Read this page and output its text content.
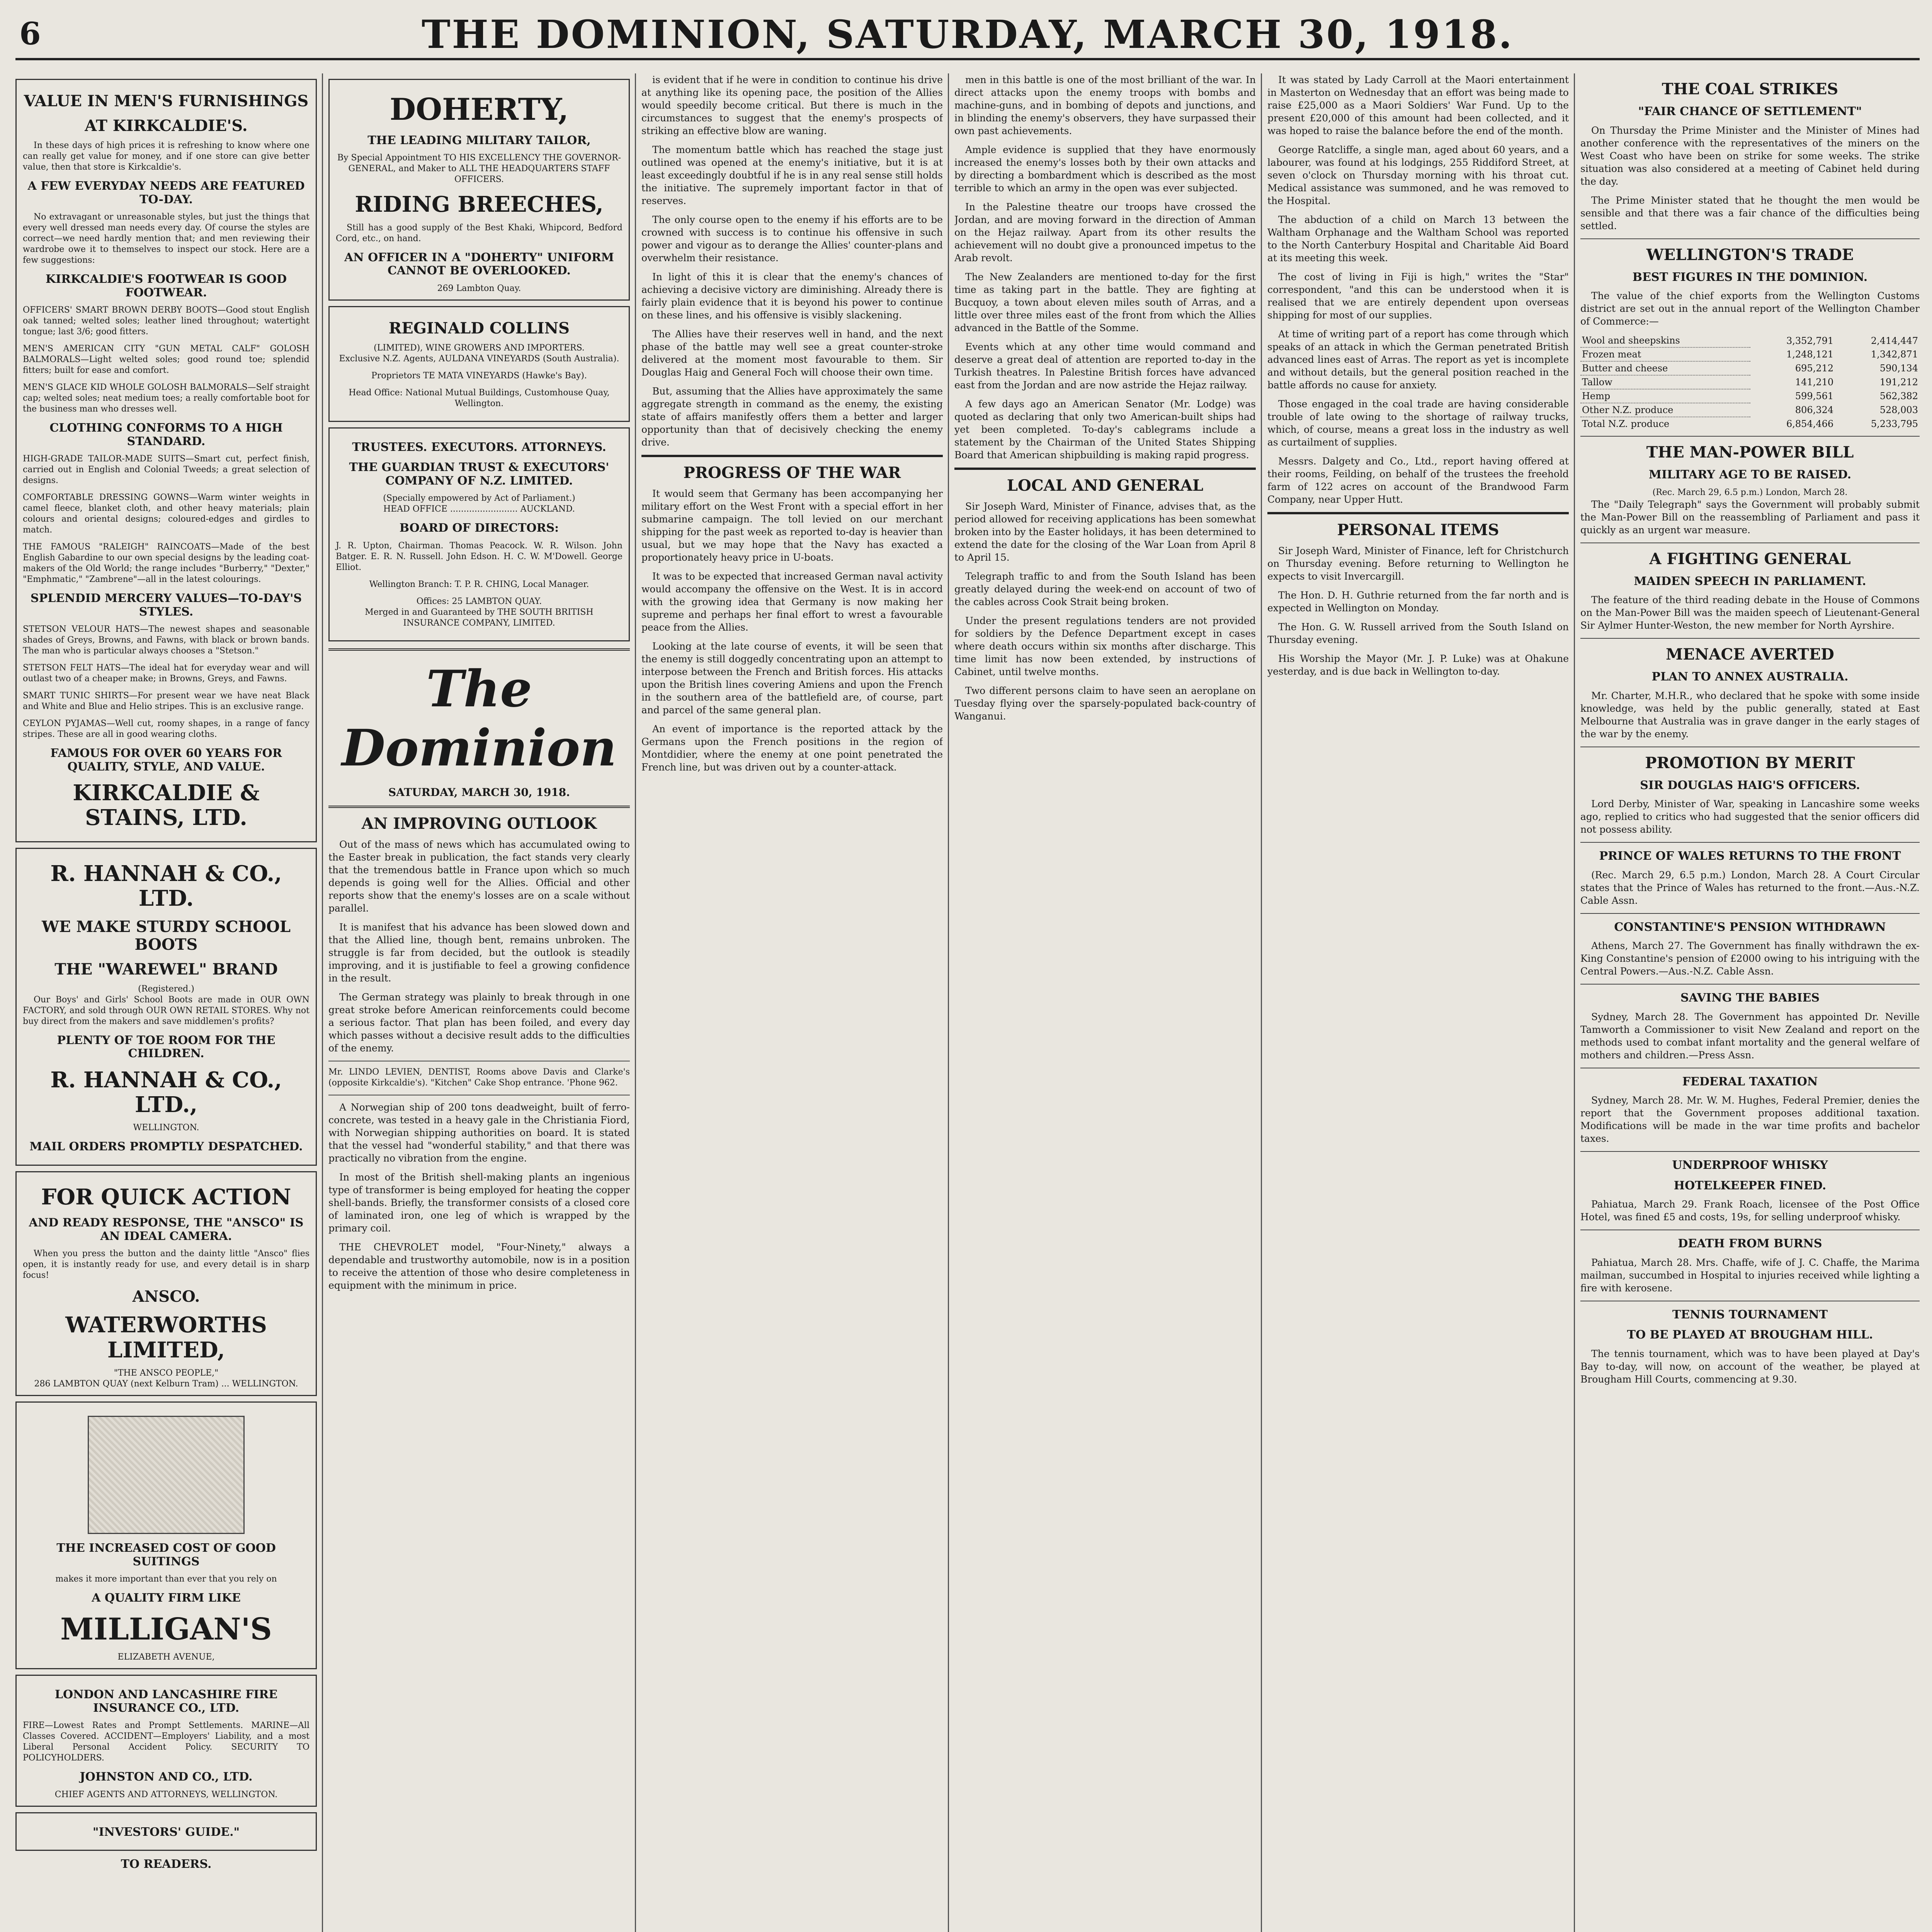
6	THE DOMINION, SATURDAY, MARCH 30, 1918.
VALUE IN MEN'S FURNISHINGS
AT KIRKCALDIE'S.

In these days of high prices it is refreshing to know where one can really get value for money, and if one store can give better value, then that store is Kirkcaldie's.

A FEW EVERYDAY NEEDS ARE FEATURED TO-DAY.

No extravagant or unreasonable styles, but just the things that every well dressed man needs every day. Of course the styles are correct—we need hardly mention that; and men reviewing their wardrobe owe it to themselves to inspect our stock. Here are a few suggestions:

KIRKCALDIE'S FOOTWEAR IS GOOD FOOTWEAR.

OFFICERS' SMART BROWN DERBY BOOTS—Good stout English oak tanned; welted soles; leather lined throughout; watertight tongue; last 3/6; good fitters.

MEN'S AMERICAN CITY "GUN METAL CALF" GOLOSH BALMORALS—Light welted soles; good round toe; splendid fitters; built for ease and comfort.

MEN'S GLACE KID WHOLE GOLOSH BALMORALS—Self straight cap; welted soles; neat medium toes; a really comfortable boot for the business man who dresses well.

CLOTHING CONFORMS TO A HIGH STANDARD.

HIGH-GRADE TAILOR-MADE SUITS—Smart cut, perfect finish, carried out in English and Colonial Tweeds; a great selection of designs.

COMFORTABLE DRESSING GOWNS—Warm winter weights in camel fleece, blanket cloth, and other heavy materials; plain colours and oriental designs; coloured-edges and girdles to match.

THE FAMOUS "RALEIGH" RAINCOATS—Made of the best English Gabardine to our own special designs by the leading coat-makers of the Old World; the range includes "Burberry," "Dexter," "Emphmatic," "Zambrene"—all in the latest colourings.

SPLENDID MERCERY VALUES—TO-DAY'S STYLES.

STETSON VELOUR HATS—The newest shapes and seasonable shades of Greys, Browns, and Fawns, with black or brown bands. The man who is particular always chooses a "Stetson."

STETSON FELT HATS—The ideal hat for everyday wear and will outlast two of a cheaper make; in Browns, Greys, and Fawns.

SMART TUNIC SHIRTS—For present wear we have neat Black and White and Blue and Helio stripes. This is an exclusive range.

CEYLON PYJAMAS—Well cut, roomy shapes, in a range of fancy stripes. These are all in good wearing cloths.

FAMOUS FOR OVER 60 YEARS FOR QUALITY, STYLE, AND VALUE.
KIRKCALDIE & STAINS, LTD.
R. HANNAH & CO., LTD.
WE MAKE STURDY SCHOOL BOOTS
THE "WAREWEL" BRAND
(Registered.)

Our Boys' and Girls' School Boots are made in OUR OWN FACTORY, and sold through OUR OWN RETAIL STORES. Why not buy direct from the makers and save middlemen's profits?

PLENTY OF TOE ROOM FOR THE CHILDREN.
R. HANNAH & CO., LTD.,
WELLINGTON.
MAIL ORDERS PROMPTLY DESPATCHED.
FOR QUICK ACTION
AND READY RESPONSE, THE "ANSCO" IS AN IDEAL CAMERA.

When you press the button and the dainty little "Ansco" flies open, it is instantly ready for use, and every detail is in sharp focus!

ANSCO.
WATERWORTHS LIMITED,
"THE ANSCO PEOPLE,"
286 LAMBTON QUAY (next Kelburn Tram) ... WELLINGTON.
THE INCREASED COST OF GOOD SUITINGS
makes it more important than ever that you rely on
A QUALITY FIRM LIKE
MILLIGAN'S
ELIZABETH AVENUE,
LONDON AND LANCASHIRE FIRE INSURANCE CO., LTD.

FIRE—Lowest Rates and Prompt Settlements. MARINE—All Classes Covered. ACCIDENT—Employers' Liability, and a most Liberal Personal Accident Policy. SECURITY TO POLICYHOLDERS.

JOHNSTON AND CO., LTD.
CHIEF AGENTS AND ATTORNEYS, WELLINGTON.
"INVESTORS' GUIDE."
TO READERS.
DOHERTY,
THE LEADING MILITARY TAILOR,

By Special Appointment TO HIS EXCELLENCY THE GOVERNOR-GENERAL, and Maker to ALL THE HEADQUARTERS STAFF OFFICERS.

RIDING BREECHES,

Still has a good supply of the Best Khaki, Whipcord, Bedford Cord, etc., on hand.

AN OFFICER IN A "DOHERTY" UNIFORM CANNOT BE OVERLOOKED.
269 Lambton Quay.
REGINALD COLLINS
(LIMITED), WINE GROWERS AND IMPORTERS.

Exclusive N.Z. Agents, AULDANA VINEYARDS (South Australia).

Proprietors TE MATA VINEYARDS (Hawke's Bay).

Head Office: National Mutual Buildings, Customhouse Quay, Wellington.

TRUSTEES. EXECUTORS. ATTORNEYS.
THE GUARDIAN TRUST & EXECUTORS' COMPANY OF N.Z. LIMITED.
(Specially empowered by Act of Parliament.)
HEAD OFFICE ......................... AUCKLAND.
BOARD OF DIRECTORS:

J. R. Upton, Chairman. Thomas Peacock. W. R. Wilson. John Batger. E. R. N. Russell. John Edson. H. C. W. M'Dowell. George Elliot.

Wellington Branch: T. P. R. CHING, Local Manager.

Offices: 25 LAMBTON QUAY.

Merged in and Guaranteed by THE SOUTH BRITISH INSURANCE COMPANY, LIMITED.

The Dominion
SATURDAY, MARCH 30, 1918.
AN IMPROVING OUTLOOK

Out of the mass of news which has accumulated owing to the Easter break in publication, the fact stands very clearly that the tremendous battle in France upon which so much depends is going well for the Allies. Official and other reports show that the enemy's losses are on a scale without parallel.

It is manifest that his advance has been slowed down and that the Allied line, though bent, remains unbroken. The struggle is far from decided, but the outlook is steadily improving, and it is justifiable to feel a growing confidence in the result.

The German strategy was plainly to break through in one great stroke before American reinforcements could become a serious factor. That plan has been foiled, and every day which passes without a decisive result adds to the difficulties of the enemy.

Mr. LINDO LEVIEN, DENTIST, Rooms above Davis and Clarke's (opposite Kirkcaldie's). "Kitchen" Cake Shop entrance. 'Phone 962.

A Norwegian ship of 200 tons deadweight, built of ferro-concrete, was tested in a heavy gale in the Christiania Fiord, with Norwegian shipping authorities on board. It is stated that the vessel had "wonderful stability," and that there was practically no vibration from the engine.

In most of the British shell-making plants an ingenious type of transformer is being employed for heating the copper shell-bands. Briefly, the transformer consists of a closed core of laminated iron, one leg of which is wrapped by the primary coil.

THE CHEVROLET model, "Four-Ninety," always a dependable and trustworthy automobile, now is in a position to receive the attention of those who desire completeness in equipment with the minimum in price.

is evident that if he were in condition to continue his drive at anything like its opening pace, the position of the Allies would speedily become critical. But there is much in the circumstances to suggest that the enemy's prospects of striking an effective blow are waning.

The momentum battle which has reached the stage just outlined was opened at the enemy's initiative, but it is at least exceedingly doubtful if he is in any real sense still holds the initiative. The supremely important factor in that of reserves.

The only course open to the enemy if his efforts are to be crowned with success is to continue his offensive in such power and vigour as to derange the Allies' counter-plans and overwhelm their resistance.

In light of this it is clear that the enemy's chances of achieving a decisive victory are diminishing. Already there is fairly plain evidence that it is beyond his power to continue on these lines, and his offensive is visibly slackening.

The Allies have their reserves well in hand, and the next phase of the battle may well see a great counter-stroke delivered at the moment most favourable to them. Sir Douglas Haig and General Foch will choose their own time.

But, assuming that the Allies have approximately the same aggregate strength in command as the enemy, the existing state of affairs manifestly offers them a better and larger opportunity than that of decisively checking the enemy drive.

PROGRESS OF THE WAR

It would seem that Germany has been accompanying her military effort on the West Front with a special effort in her submarine campaign. The toll levied on our merchant shipping for the past week as reported to-day is heavier than usual, but we may hope that the Navy has exacted a proportionately heavy price in U-boats.

It was to be expected that increased German naval activity would accompany the offensive on the West. It is in accord with the growing idea that Germany is now making her supreme and perhaps her final effort to wrest a favourable peace from the Allies.

Looking at the late course of events, it will be seen that the enemy is still doggedly concentrating upon an attempt to interpose between the French and British forces. His attacks upon the British lines covering Amiens and upon the French in the southern area of the battlefield are, of course, part and parcel of the same general plan.

An event of importance is the reported attack by the Germans upon the French positions in the region of Montdidier, where the enemy at one point penetrated the French line, but was driven out by a counter-attack.

men in this battle is one of the most brilliant of the war. In direct attacks upon the enemy troops with bombs and machine-guns, and in bombing of depots and junctions, and in blinding the enemy's observers, they have surpassed their own past achievements.

Ample evidence is supplied that they have enormously increased the enemy's losses both by their own attacks and by directing a bombardment which is described as the most terrible to which an army in the open was ever subjected.

In the Palestine theatre our troops have crossed the Jordan, and are moving forward in the direction of Amman on the Hejaz railway. Apart from its other results the achievement will no doubt give a pronounced impetus to the Arab revolt.

The New Zealanders are mentioned to-day for the first time as taking part in the battle. They are fighting at Bucquoy, a town about eleven miles south of Arras, and a little over three miles east of the front from which the Allies advanced in the Battle of the Somme.

Events which at any other time would command and deserve a great deal of attention are reported to-day in the Turkish theatres. In Palestine British forces have advanced east from the Jordan and are now astride the Hejaz railway.

A few days ago an American Senator (Mr. Lodge) was quoted as declaring that only two American-built ships had yet been completed. To-day's cablegrams include a statement by the Chairman of the United States Shipping Board that American shipbuilding is making rapid progress.

LOCAL AND GENERAL

Sir Joseph Ward, Minister of Finance, advises that, as the period allowed for receiving applications has been somewhat broken into by the Easter holidays, it has been determined to extend the date for the closing of the War Loan from April 8 to April 15.

Telegraph traffic to and from the South Island has been greatly delayed during the week-end on account of two of the cables across Cook Strait being broken.

Under the present regulations tenders are not provided for soldiers by the Defence Department except in cases where death occurs within six months after discharge. This time limit has now been extended, by instructions of Cabinet, until twelve months.

Two different persons claim to have seen an aeroplane on Tuesday flying over the sparsely-populated back-country of Wanganui.

It was stated by Lady Carroll at the Maori entertainment in Masterton on Wednesday that an effort was being made to raise £25,000 as a Maori Soldiers' War Fund. Up to the present £20,000 of this amount had been collected, and it was hoped to raise the balance before the end of the month.

George Ratcliffe, a single man, aged about 60 years, and a labourer, was found at his lodgings, 255 Riddiford Street, at seven o'clock on Thursday morning with his throat cut. Medical assistance was summoned, and he was removed to the Hospital.

The abduction of a child on March 13 between the Waltham Orphanage and the Waltham School was reported to the North Canterbury Hospital and Charitable Aid Board at its meeting this week.

The cost of living in Fiji is high," writes the "Star" correspondent, "and this can be understood when it is realised that we are entirely dependent upon overseas shipping for most of our supplies.

At time of writing part of a report has come through which speaks of an attack in which the German penetrated British advanced lines east of Arras. The report as yet is incomplete and without details, but the general position reached in the battle affords no cause for anxiety.

Those engaged in the coal trade are having considerable trouble of late owing to the shortage of railway trucks, which, of course, means a great loss in the industry as well as curtailment of supplies.

Messrs. Dalgety and Co., Ltd., report having offered at their rooms, Feilding, on behalf of the trustees the freehold farm of 122 acres on account of the Brandwood Farm Company, near Upper Hutt.

PERSONAL ITEMS

Sir Joseph Ward, Minister of Finance, left for Christchurch on Thursday evening. Before returning to Wellington he expects to visit Invercargill.

The Hon. D. H. Guthrie returned from the far north and is expected in Wellington on Monday.

The Hon. G. W. Russell arrived from the South Island on Thursday evening.

His Worship the Mayor (Mr. J. P. Luke) was at Ohakune yesterday, and is due back in Wellington to-day.

THE COAL STRIKES
"FAIR CHANCE OF SETTLEMENT"

On Thursday the Prime Minister and the Minister of Mines had another conference with the representatives of the miners on the West Coast who have been on strike for some weeks. The strike situation was also considered at a meeting of Cabinet held during the day.

The Prime Minister stated that he thought the men would be sensible and that there was a fair chance of the difficulties being settled.

WELLINGTON'S TRADE
BEST FIGURES IN THE DOMINION.

The value of the chief exports from the Wellington Customs district are set out in the annual report of the Wellington Chamber of Commerce:—

Wool and sheepskins	3,352,791	2,414,447
Frozen meat	1,248,121	1,342,871
Butter and cheese	695,212	590,134
Tallow	141,210	191,212
Hemp	599,561	562,382
Other N.Z. produce	806,324	528,003
Total N.Z. produce	6,854,466	5,233,795
THE MAN-POWER BILL
MILITARY AGE TO BE RAISED.
(Rec. March 29, 6.5 p.m.) London, March 28.

The "Daily Telegraph" says the Government will probably submit the Man-Power Bill on the reassembling of Parliament and pass it quickly as an urgent war measure.

A FIGHTING GENERAL
MAIDEN SPEECH IN PARLIAMENT.

The feature of the third reading debate in the House of Commons on the Man-Power Bill was the maiden speech of Lieutenant-General Sir Aylmer Hunter-Weston, the new member for North Ayrshire.

MENACE AVERTED
PLAN TO ANNEX AUSTRALIA.

Mr. Charter, M.H.R., who declared that he spoke with some inside knowledge, was held by the public generally, stated at East Melbourne that Australia was in grave danger in the early stages of the war by the enemy.

PROMOTION BY MERIT
SIR DOUGLAS HAIG'S OFFICERS.

Lord Derby, Minister of War, speaking in Lancashire some weeks ago, replied to critics who had suggested that the senior officers did not possess ability.

PRINCE OF WALES RETURNS TO THE FRONT

(Rec. March 29, 6.5 p.m.) London, March 28. A Court Circular states that the Prince of Wales has returned to the front.—Aus.-N.Z. Cable Assn.

CONSTANTINE'S PENSION WITHDRAWN

Athens, March 27. The Government has finally withdrawn the ex-King Constantine's pension of £2000 owing to his intriguing with the Central Powers.—Aus.-N.Z. Cable Assn.

SAVING THE BABIES

Sydney, March 28. The Government has appointed Dr. Neville Tamworth a Commissioner to visit New Zealand and report on the methods used to combat infant mortality and the general welfare of mothers and children.—Press Assn.

FEDERAL TAXATION

Sydney, March 28. Mr. W. M. Hughes, Federal Premier, denies the report that the Government proposes additional taxation. Modifications will be made in the war time profits and bachelor taxes.

UNDERPROOF WHISKY
HOTELKEEPER FINED.

Pahiatua, March 29. Frank Roach, licensee of the Post Office Hotel, was fined £5 and costs, 19s, for selling underproof whisky.

DEATH FROM BURNS

Pahiatua, March 28. Mrs. Chaffe, wife of J. C. Chaffe, the Marima mailman, succumbed in Hospital to injuries received while lighting a fire with kerosene.

TENNIS TOURNAMENT
TO BE PLAYED AT BROUGHAM HILL.

The tennis tournament, which was to have been played at Day's Bay to-day, will now, on account of the weather, be played at Brougham Hill Courts, commencing at 9.30.
